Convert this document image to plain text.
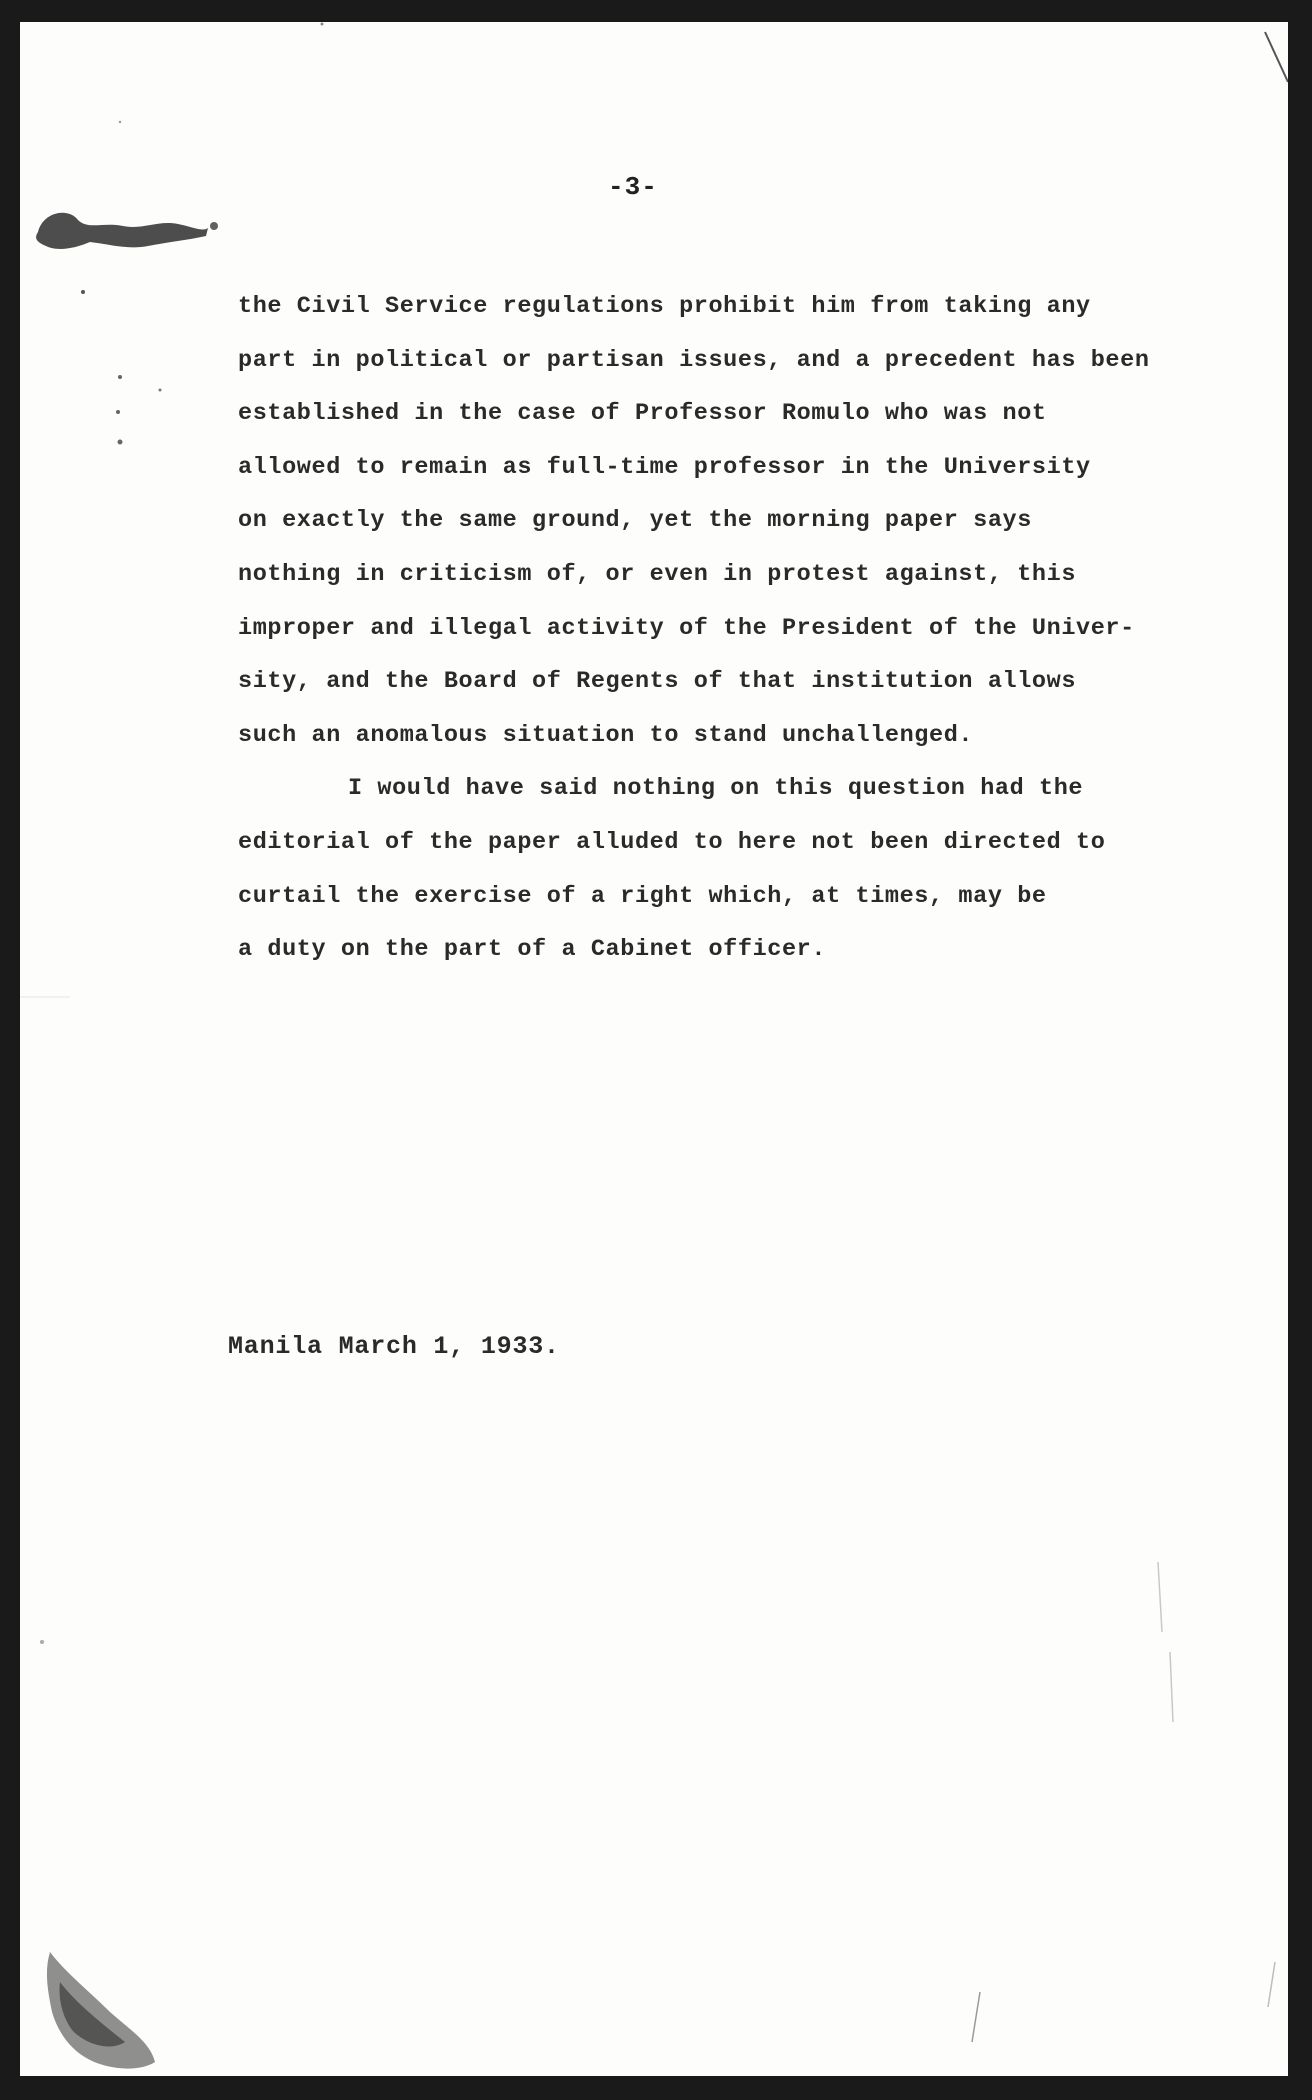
-3-
the Civil Service regulations prohibit him from taking any
part in political or partisan issues, and a precedent has been
established in the case of Professor Romulo who was not
allowed to remain as full-time professor in the University
on exactly the same ground, yet the morning paper says
nothing in criticism of, or even in protest against, this
improper and illegal activity of the President of the Univer-
sity, and the Board of Regents of that institution allows
such an anomalous situation to stand unchallenged.
I would have said nothing on this question had the
editorial of the paper alluded to here not been directed to
curtail the exercise of a right which, at times, may be
a duty on the part of a Cabinet officer.
Manila March 1, 1933.
